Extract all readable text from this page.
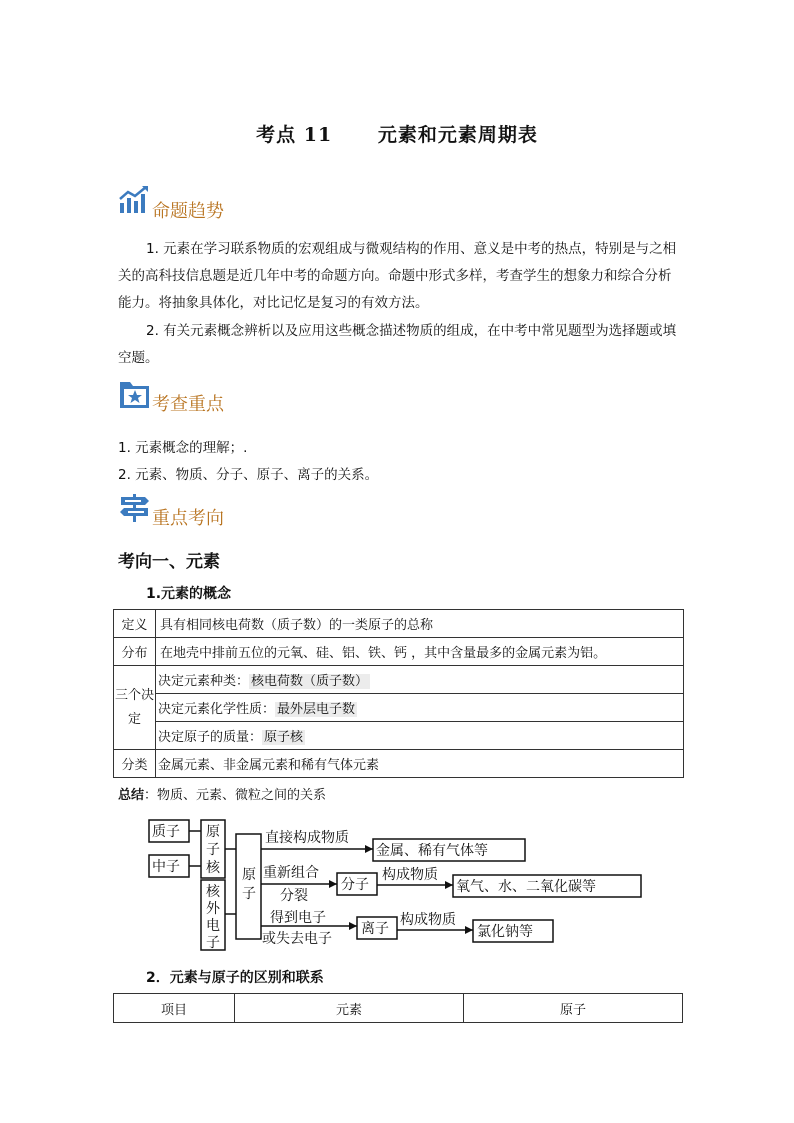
考点 11      元素和元素周期表
命题趋势
1. 元素在学习联系物质的宏观组成与微观结构的作用、意义是中考的热点，特别是与之相关的高科技信息题是近几年中考的命题方向。命题中形式多样，考查学生的想象力和综合分析能力。将抽象具体化，对比记忆是复习的有效方法。
2. 有关元素概念辨析以及应用这些概念描述物质的组成，在中考中常见题型为选择题或填空题。
考查重点
1. 元素概念的理解；.
2. 元素、物质、分子、原子、离子的关系。
重点考向
考向一、元素
1.元素的概念
定义	具有相同核电荷数（质子数）的一类原子的总称
分布	在地壳中排前五位的元氧、硅、铝、铁、钙 ，其中含量最多的金属元素为铝。
三个决定	决定元素种类： 核电荷数（质子数）
	决定元素化学性质： 最外层电子数
	决定原子的质量： 原子核
分类	金属元素、非金属元素和稀有气体元素
总结：物质、元素、微粒之间的关系
质子
中子
原
子
核
核
外
电
子
原
子
直接构成物质
金属、稀有气体等
重新组合
分裂
分子
构成物质
氧气、水、二氧化碳等
得到电子
或失去电子
离子
构成物质
氯化钠等
2．元素与原子的区别和联系
项目	元素	原子
